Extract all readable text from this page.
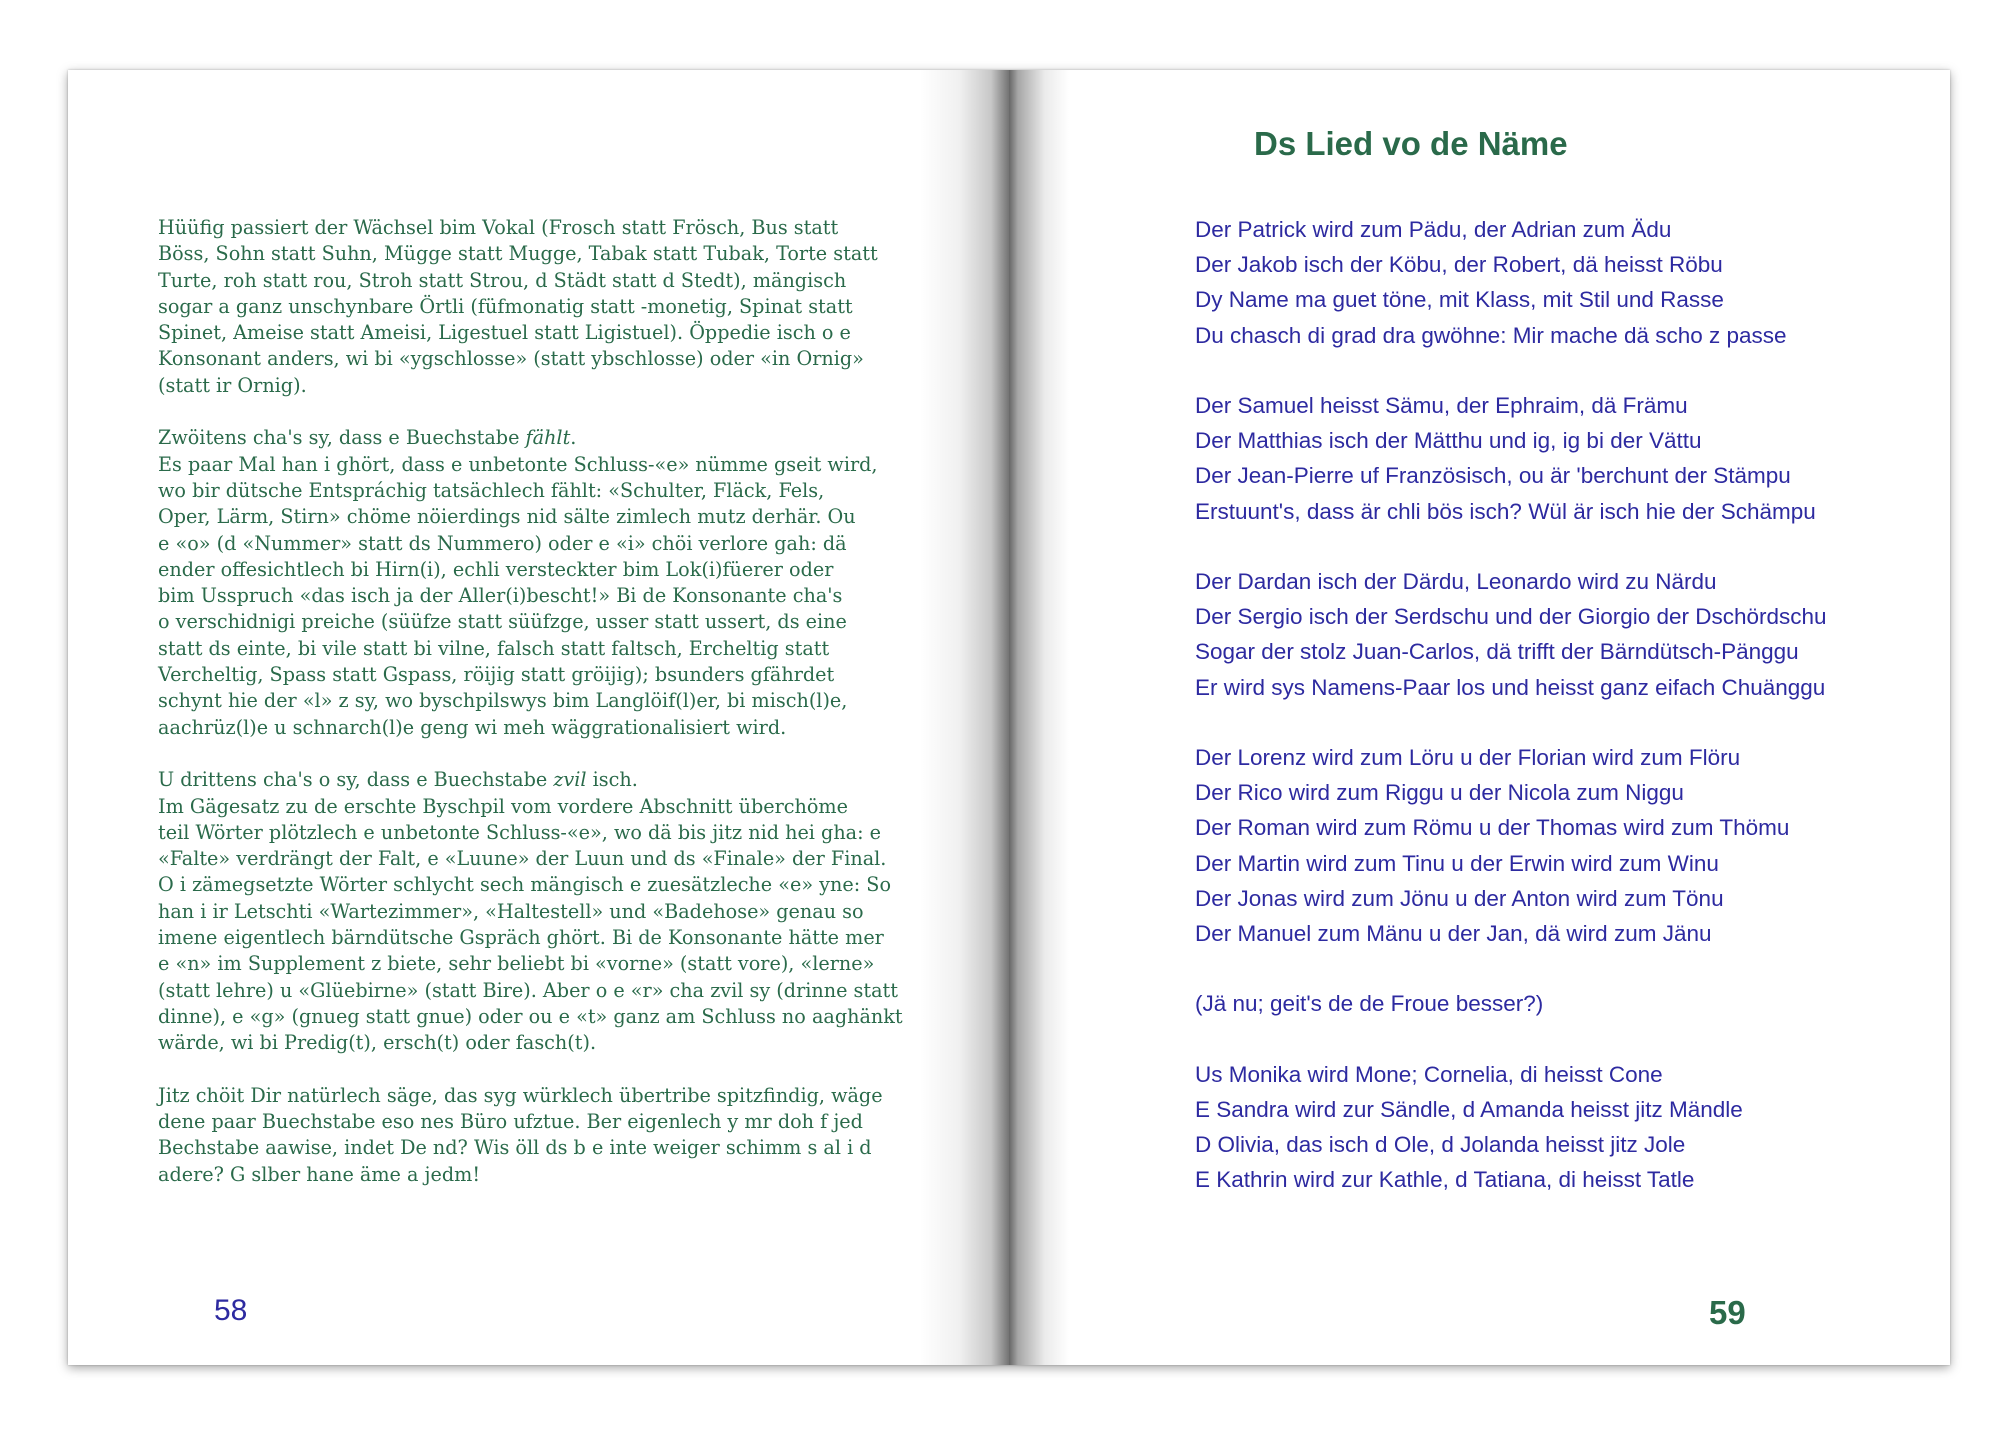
Hüüfig passiert der Wächsel bim Vokal (Frosch statt Frösch, Bus statt
Böss, Sohn statt Suhn, Mügge statt Mugge, Tabak statt Tubak, Torte statt
Turte, roh statt rou, Stroh statt Strou, d Städt statt d Stedt), mängisch
sogar a ganz unschynbare Örtli (füfmonatig statt -monetig, Spinat statt
Spinet, Ameise statt Ameisi, Ligestuel statt Ligistuel). Öppedie isch o e
Konsonant anders, wi bi «ygschlosse» (statt ybschlosse) oder «in Ornig»
(statt ir Ornig).

Zwöitens cha's sy, dass e Buechstabe fählt.
Es paar Mal han i ghört, dass e unbetonte Schluss-«e» nümme gseit wird,
wo bir dütsche Entspráchig tatsächlech fählt: «Schulter, Fläck, Fels,
Oper, Lärm, Stirn» chöme nöierdings nid sälte zimlech mutz derhär. Ou
e «o» (d «Nummer» statt ds Nummero) oder e «i» chöi verlore gah: dä
ender offesichtlech bi Hirn(i), echli versteckter bim Lok(i)füerer oder
bim Usspruch «das isch ja der Aller(i)bescht!» Bi de Konsonante cha's
o verschidnigi preiche (süüfze statt süüfzge, usser statt ussert, ds eine
statt ds einte, bi vile statt bi vilne, falsch statt faltsch, Ercheltig statt
Vercheltig, Spass statt Gspass, röijig statt gröijig); bsunders gfährdet
schynt hie der «l» z sy, wo byschpilswys bim Langlöif(l)er, bi misch(l)e,
aachrüz(l)e u schnarch(l)e geng wi meh wäggrationalisiert wird.

U drittens cha's o sy, dass e Buechstabe zvil isch.
Im Gägesatz zu de erschte Byschpil vom vordere Abschnitt überchöme
teil Wörter plötzlech e unbetonte Schluss-«e», wo dä bis jitz nid hei gha: e
«Falte» verdrängt der Falt, e «Luune» der Luun und ds «Finale» der Final.
O i zämegsetzte Wörter schlycht sech mängisch e zuesätzleche «e» yne: So
han i ir Letschti «Wartezimmer», «Haltestell» und «Badehose» genau so
imene eigentlech bärndütsche Gspräch ghört. Bi de Konsonante hätte mer
e «n» im Supplement z biete, sehr beliebt bi «vorne» (statt vore), «lerne»
(statt lehre) u «Glüebirne» (statt Bire). Aber o e «r» cha zvil sy (drinne statt
dinne), e «g» (gnueg statt gnue) oder ou e «t» ganz am Schluss no aaghänkt
wärde, wi bi Predig(t), ersch(t) oder fasch(t).

Jitz chöit Dir natürlech säge, das syg würklech übertribe spitzfindig, wäge
dene paar Buechstabe eso nes Büro ufztue. Ber eigenlech y mr doh f jed
Bechstabe aawise, indet De nd? Wis öll ds b e inte weiger schimm s al i d
adere? G slber hane äme a jedm!

58
Ds Lied vo de Näme
Der Patrick wird zum Pädu, der Adrian zum Ädu
Der Jakob isch der Köbu, der Robert, dä heisst Röbu
Dy Name ma guet töne, mit Klass, mit Stil und Rasse
Du chasch di grad dra gwöhne: Mir mache dä scho z passe
Der Samuel heisst Sämu, der Ephraim, dä Främu
Der Matthias isch der Mätthu und ig, ig bi der Vättu
Der Jean-Pierre uf Französisch, ou är 'berchunt der Stämpu
Erstuunt's, dass är chli bös isch? Wül är isch hie der Schämpu
Der Dardan isch der Därdu, Leonardo wird zu Närdu
Der Sergio isch der Serdschu und der Giorgio der Dschördschu
Sogar der stolz Juan-Carlos, dä trifft der Bärndütsch-Pänggu
Er wird sys Namens-Paar los und heisst ganz eifach Chuänggu
Der Lorenz wird zum Löru u der Florian wird zum Flöru
Der Rico wird zum Riggu u der Nicola zum Niggu
Der Roman wird zum Römu u der Thomas wird zum Thömu
Der Martin wird zum Tinu u der Erwin wird zum Winu
Der Jonas wird zum Jönu u der Anton wird zum Tönu
Der Manuel zum Mänu u der Jan, dä wird zum Jänu
(Jä nu; geit's de de Froue besser?)
Us Monika wird Mone; Cornelia, di heisst Cone
E Sandra wird zur Sändle, d Amanda heisst jitz Mändle
D Olivia, das isch d Ole, d Jolanda heisst jitz Jole
E Kathrin wird zur Kathle, d Tatiana, di heisst Tatle
59
